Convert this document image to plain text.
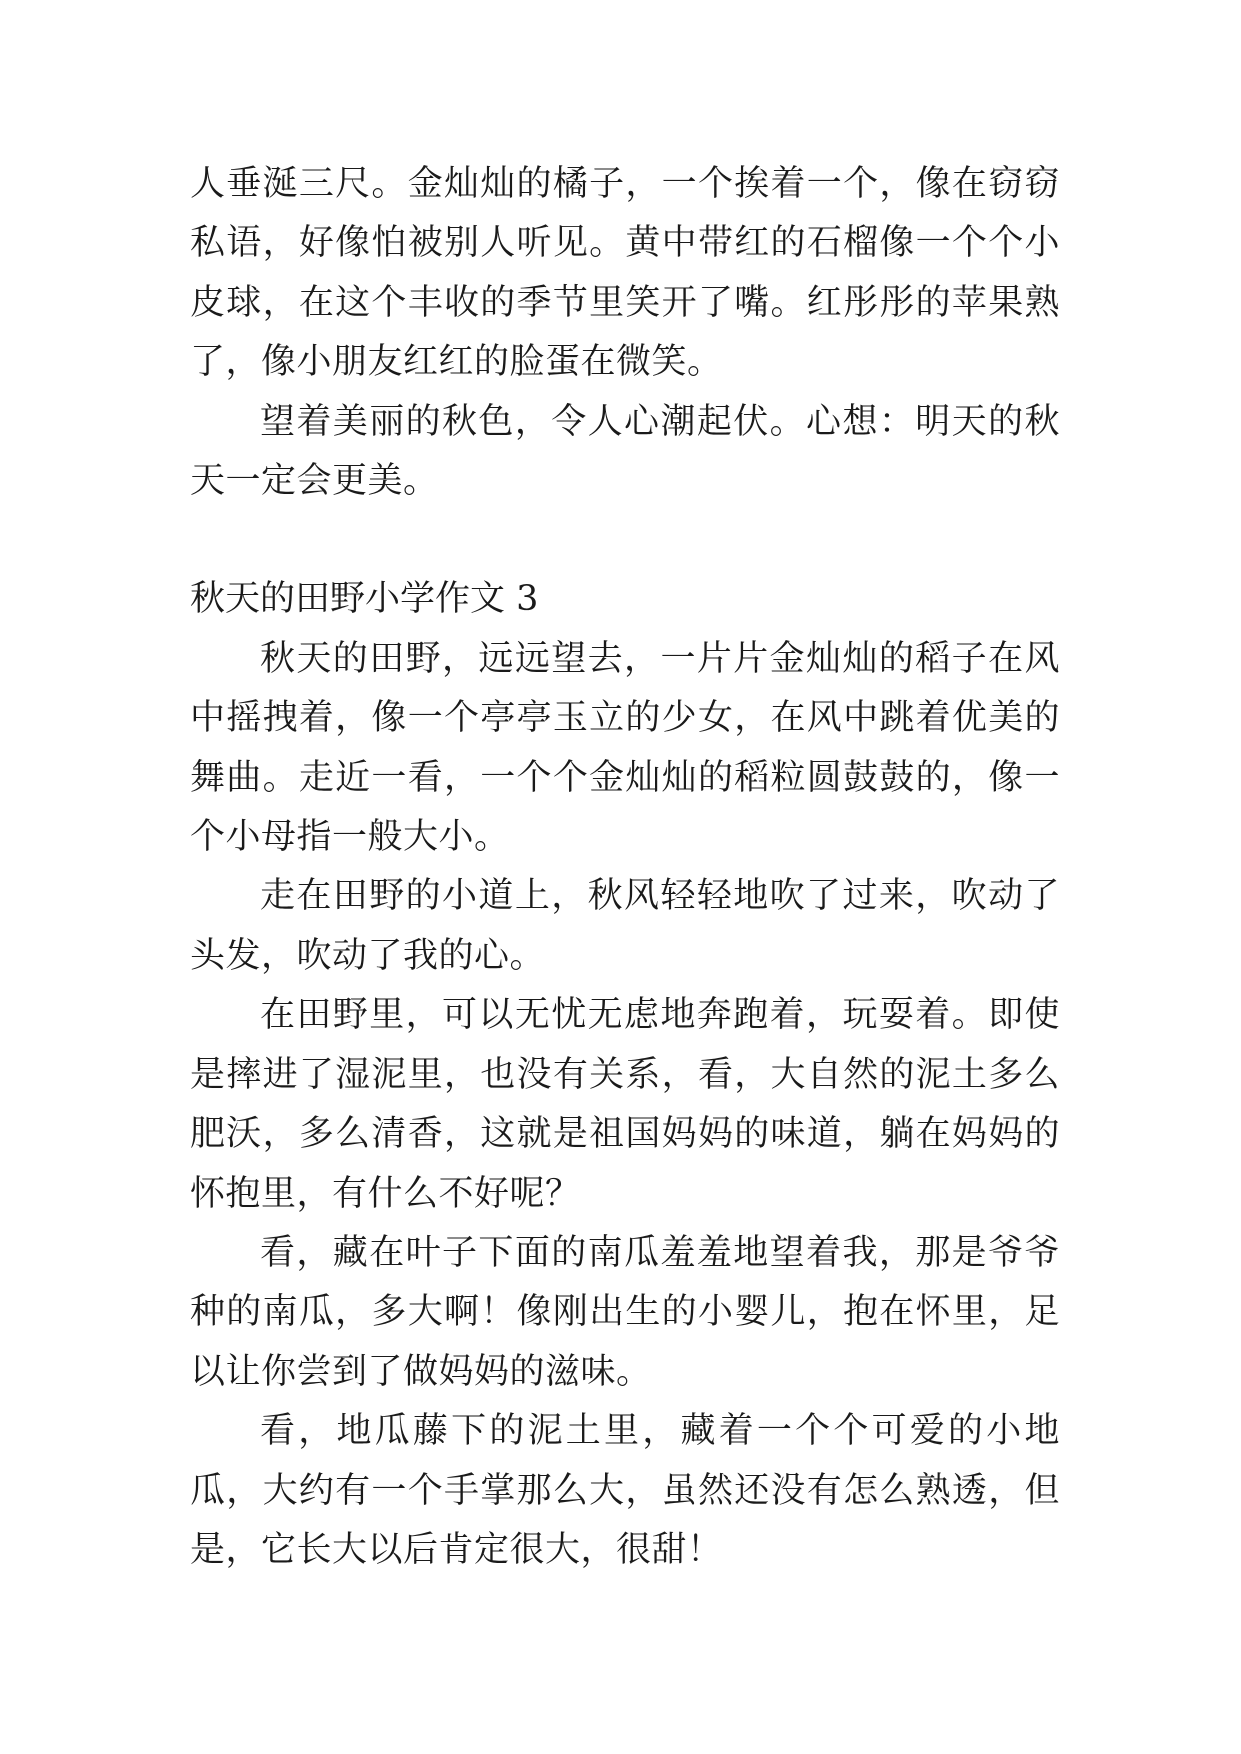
人垂涎三尺。金灿灿的橘子，一个挨着一个，像在窃窃私语，好像怕被别人听见。黄中带红的石榴像一个个小皮球，在这个丰收的季节里笑开了嘴。红彤彤的苹果熟了，像小朋友红红的脸蛋在微笑。

望着美丽的秋色，令人心潮起伏。心想：明天的秋天一定会更美。

秋天的田野小学作文 3

秋天的田野，远远望去，一片片金灿灿的稻子在风中摇拽着，像一个亭亭玉立的少女，在风中跳着优美的舞曲。走近一看，一个个金灿灿的稻粒圆鼓鼓的，像一个小母指一般大小。

走在田野的小道上，秋风轻轻地吹了过来，吹动了头发，吹动了我的心。

在田野里，可以无忧无虑地奔跑着，玩耍着。即使是摔进了湿泥里，也没有关系，看，大自然的泥土多么肥沃，多么清香，这就是祖国妈妈的味道，躺在妈妈的怀抱里，有什么不好呢？

看，藏在叶子下面的南瓜羞羞地望着我，那是爷爷种的南瓜，多大啊！像刚出生的小婴儿，抱在怀里，足以让你尝到了做妈妈的滋味。

看，地瓜藤下的泥土里，藏着一个个可爱的小地瓜，大约有一个手掌那么大，虽然还没有怎么熟透，但是，它长大以后肯定很大，很甜！
